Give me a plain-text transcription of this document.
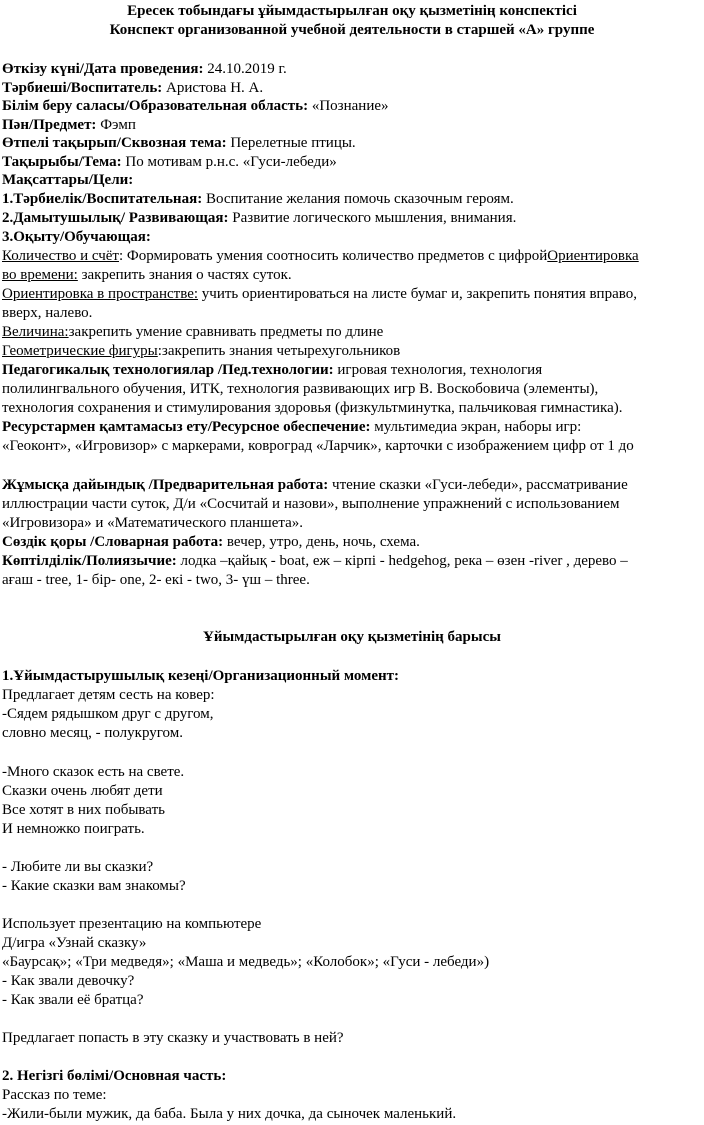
Ересек тобындағы ұйымдастырылған оқу қызметінің конспектісі
Конспект организованной учебной деятельности в старшей «А» группе
Өткізу күні/Дата проведения: 24.10.2019 г.
Тәрбиеші/Воспитатель: Аристова Н. А.
Білім беру саласы/Образовательная область: «Познание»
Пән/Предмет: Фэмп
Өтпелі тақырып/Сквозная тема: Перелетные птицы.
Тақырыбы/Тема: По мотивам р.н.с. «Гуси-лебеди»
Мақсаттары/Цели:
1.Тәрбиелік/Воспитательная: Воспитание желания помочь сказочным героям.
2.Дамытушылық/ Развивающая: Развитие логического мышления, внимания.
3.Оқыту/Обучающая:
Количество и счёт: Формировать умения соотносить количество предметов с цифройОриентировка
во времени: закрепить знания о частях суток.
Ориентировка в пространстве: учить ориентироваться на листе бумаг и, закрепить понятия вправо,
вверх, налево.
Величина:закрепить умение сравнивать предметы по длине
Геометрические фигуры:закрепить знания четырехугольников
Педагогикалық технологиялар /Пед.технологии: игровая технология, технология
полилингвального обучения, ИТК, технология развивающих игр В. Воскобовича (элементы),
технология сохранения и стимулирования здоровья (физкультминутка, пальчиковая гимнастика).
Ресурстармен қамтамасыз ету/Ресурсное обеспечение: мультимедиа экран, наборы игр:
«Геоконт», «Игровизор» с маркерами, ковроград «Ларчик», карточки с изображением цифр от 1 до
Жұмысқа дайындық /Предварительная работа: чтение сказки «Гуси-лебеди», рассматривание
иллюстрации части суток, Д/и «Сосчитай и назови», выполнение упражнений с использованием
«Игровизора» и «Математического планшета».
Сөздік қоры /Словарная работа: вечер, утро, день, ночь, схема.
Көптілділік/Полиязычие: лодка –қайық - boat, еж – кірпі - hedgehog, река – өзен -river , дерево –
ағаш - tree, 1- бір- one, 2- екі - two, 3- үш – three.
Ұйымдастырылған оқу қызметінің барысы
1.Ұйымдастырушылық кезеңі/Организационный момент:
Предлагает детям сесть на ковер:
-Сядем рядышком друг с другом,
словно месяц, - полукругом.
-Много сказок есть на свете.
Сказки очень любят дети
Все хотят в них побывать
И немножко поиграть.
- Любите ли вы сказки?
- Какие сказки вам знакомы?
Использует презентацию на компьютере
Д/игра «Узнай сказку»
«Баурсақ»; «Три медведя»; «Маша и медведь»; «Колобок»; «Гуси - лебеди»)
- Как звали девочку?
- Как звали её братца?
Предлагает попасть в эту сказку и участвовать в ней?
2. Негізгі бөлімі/Основная часть:
Рассказ по теме:
-Жили-были мужик, да баба. Была у них дочка, да сыночек маленький.
